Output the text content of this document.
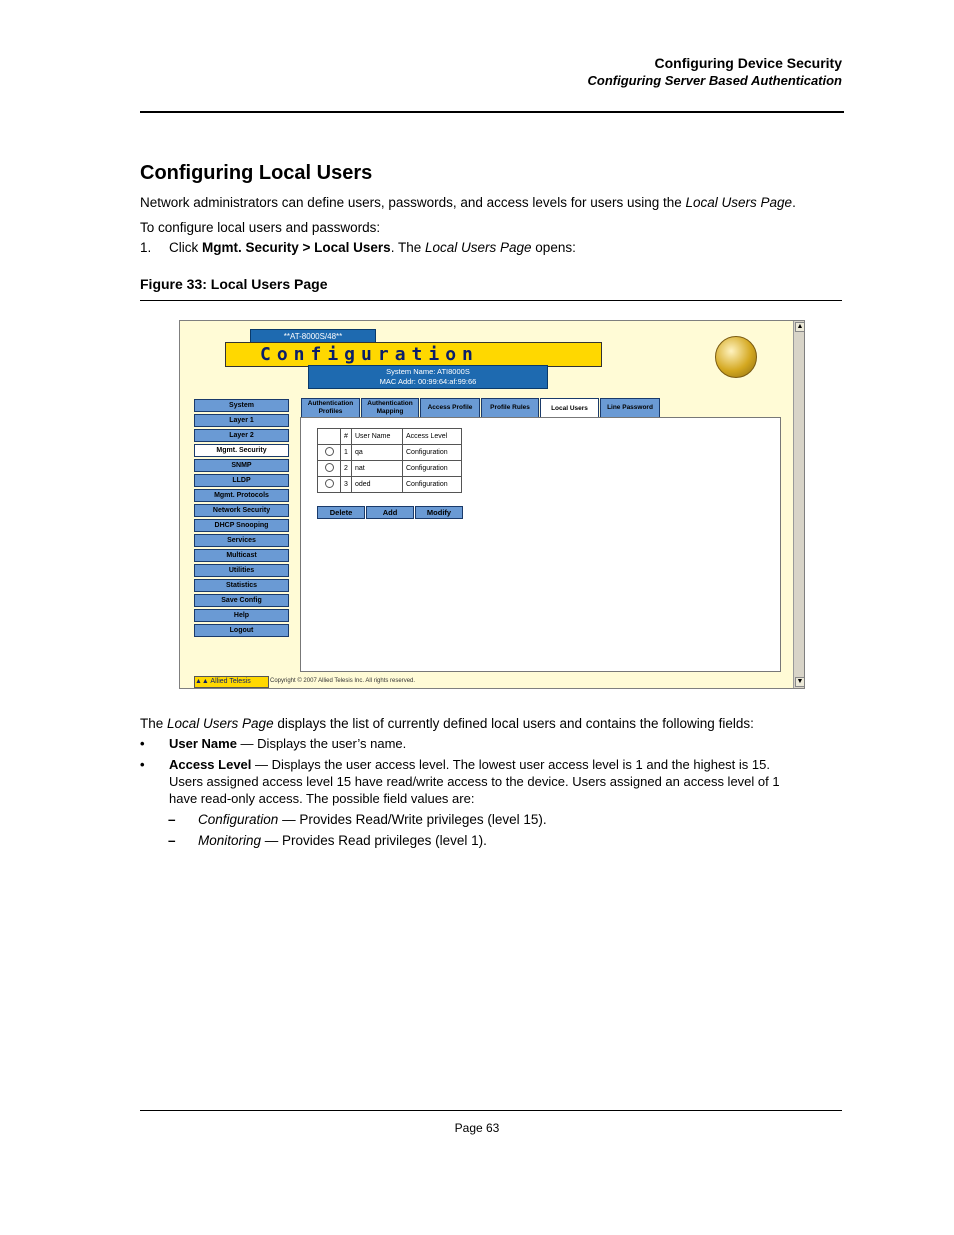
Configuring Device Security
Configuring Server Based Authentication
Configuring Local Users
Network administrators can define users, passwords, and access levels for users using the Local Users Page.
To configure local users and passwords:
1. Click Mgmt. Security > Local Users. The Local Users Page opens:
Figure 33: Local Users Page
**AT-8000S/48**
Configuration
System Name: ATI8000S
MAC Addr: 00:99:64:af:99:66
System
Layer 1
Layer 2
Mgmt. Security
SNMP
LLDP
Mgmt. Protocols
Network Security
DHCP Snooping
Services
Multicast
Utilities
Statistics
Save Config
Help
Logout
Authentication Profiles
Authentication Mapping
Access Profile	Profile Rules	Local Users	Line Password
	#	User Name	Access Level
	1	qa	Configuration
	2	nat	Configuration
	3	oded	Configuration
Delete	Add	Modify
▲▲ Allied Telesis	Copyright © 2007 Allied Telesis Inc. All rights reserved.
▲
▼
The Local Users Page displays the list of currently defined local users and contains the following fields:
• User Name — Displays the user’s name.
• Access Level — Displays the user access level. The lowest user access level is 1 and the highest is 15.
Users assigned access level 15 have read/write access to the device. Users assigned an access level of 1
have read-only access. The possible field values are:
– Configuration — Provides Read/Write privileges (level 15).
– Monitoring — Provides Read privileges (level 1).
Page 63
